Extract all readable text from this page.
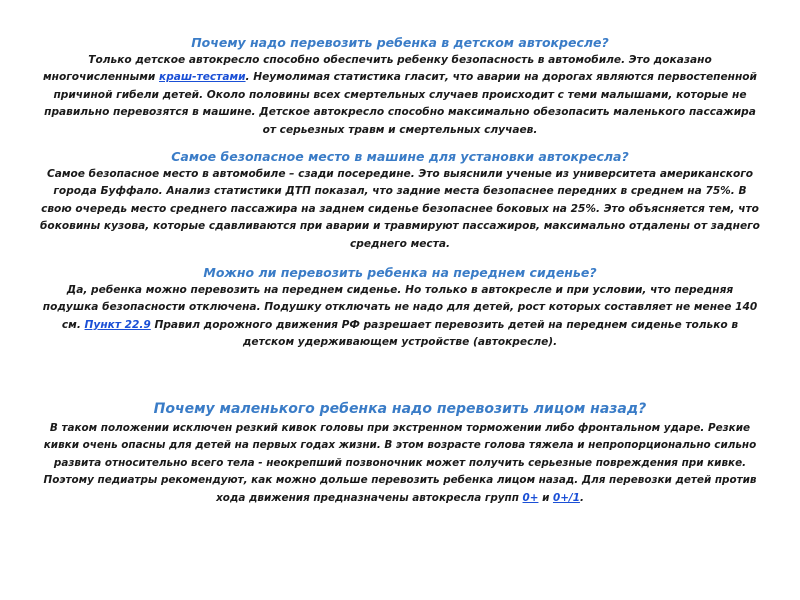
Почему надо перевозить ребенка в детском автокресле?

Только детское автокресло способно обеспечить ребенку безопасность в автомобиле. Это доказано многочисленными краш-тестами. Неумолимая статистика гласит, что аварии на дорогах являются первостепенной причиной гибели детей. Около половины всех смертельных случаев происходит с теми малышами, которые не правильно перевозятся в машине. Детское автокресло способно максимально обезопасить маленького пассажира от серьезных травм и смертельных случаев.

Самое безопасное место в машине для установки автокресла?

Самое безопасное место в автомобиле – сзади посередине. Это выяснили ученые из университета американского города Буффало. Анализ статистики ДТП показал, что задние места безопаснее передних в среднем на 75%. В свою очередь место среднего пассажира на заднем сиденье безопаснее боковых на 25%. Это объясняется тем, что боковины кузова, которые сдавливаются при аварии и травмируют пассажиров, максимально отдалены от заднего среднего места.

Можно ли перевозить ребенка на переднем сиденье?

Да, ребенка можно перевозить на переднем сиденье. Но только в автокресле и при условии, что передняя подушка безопасности отключена. Подушку отключать не надо для детей, рост которых составляет не менее 140 см. Пункт 22.9 Правил дорожного движения РФ разрешает перевозить детей на переднем сиденье только в детском удерживающем устройстве (автокресле).

Почему маленького ребенка надо перевозить лицом назад?

В таком положении исключен резкий кивок головы при экстренном торможении либо фронтальном ударе. Резкие кивки очень опасны для детей на первых годах жизни. В этом возрасте голова тяжела и непропорционально сильно развита относительно всего тела - неокрепший позвоночник может получить серьезные повреждения при кивке. Поэтому педиатры рекомендуют, как можно дольше перевозить ребенка лицом назад. Для перевозки детей против хода движения предназначены автокресла групп 0+ и 0+/1.
